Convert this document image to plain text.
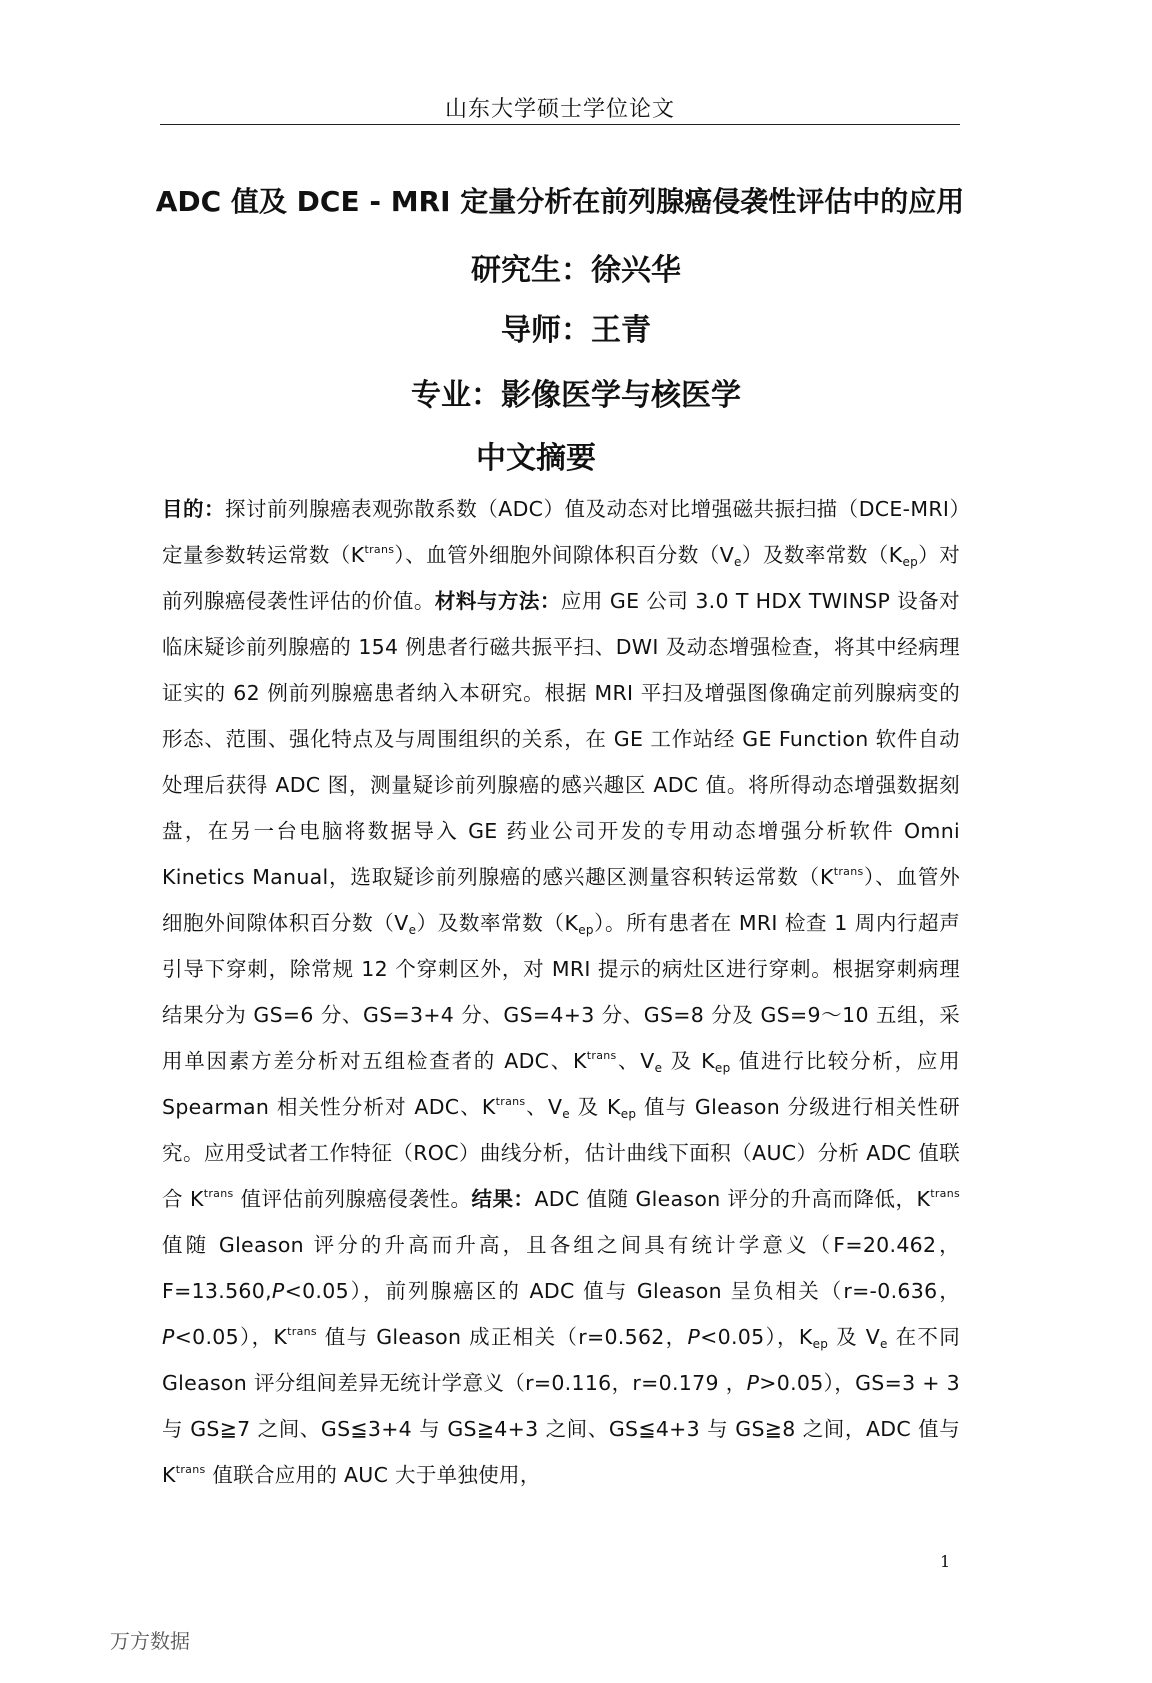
山东大学硕士学位论文
ADC 值及 DCE - MRI 定量分析在前列腺癌侵袭性评估中的应用
研究生：徐兴华
导师：王青
专业：影像医学与核医学
中文摘要

目的：探讨前列腺癌表观弥散系数（ADC）值及动态对比增强磁共振扫描（DCE-MRI）定量参数转运常数$(K^{trans})$、血管外细胞外间隙体积百分数$(V_e)$及数率常数$(K_{ep})$对前列腺癌侵袭性评估的价值。材料与方法：应用 GE 公司 3.0 T HDX TWINSP 设备对临床疑诊前列腺癌的 154 例患者行磁共振平扫、DWI 及动态增强检查，将其中经病理证实的 62 例前列腺癌患者纳入本研究。根据 MRI 平扫及增强图像确定前列腺病变的形态、范围、强化特点及与周围组织的关系，在 GE 工作站经 GE Function 软件自动处理后获得 ADC 图，测量疑诊前列腺癌的感兴趣区 ADC 值。将所得动态增强数据刻盘，在另一台电脑将数据导入 GE 药业公司开发的专用动态增强分析软件 Omni Kinetics Manual，选取疑诊前列腺癌的感兴趣区测量容积转运常数$(K^{trans})$、血管外细胞外间隙体积百分数$(V_e)$及数率常数$(K_{ep})$。所有患者在 MRI 检查 1 周内行超声引导下穿刺，除常规 12 个穿刺区外，对 MRI 提示的病灶区进行穿刺。根据穿刺病理结果分为 GS=6 分、GS=3+4 分、GS=4+3 分、GS=8 分及 GS=9～10 五组，采用单因素方差分析对五组检查者的 ADC、$K^{trans}$、$V_e$ 及 $K_{ep}$ 值进行比较分析，应用 Spearman 相关性分析对 ADC、$K^{trans}$、$V_e$ 及 $K_{ep}$ 值与 Gleason 分级进行相关性研究。应用受试者工作特征（ROC）曲线分析，估计曲线下面积（AUC）分析 ADC 值联合 $K^{trans}$ 值评估前列腺癌侵袭性。结果：ADC 值随 Gleason 评分的升高而降低，$K^{trans}$ 值随 Gleason 评分的升高而升高，且各组之间具有统计学意义（F=20.462，F=13.560,P<0.05），前列腺癌区的 ADC 值与 Gleason 呈负相关（r=-0.636，P<0.05），$K^{trans}$ 值与 Gleason 成正相关（r=0.562，P<0.05），$K_{ep}$ 及 $V_e$ 在不同 Gleason 评分组间差异无统计学意义（r=0.116，r=0.179 ，P>0.05），GS=3 + 3 与 GS≧7 之间、GS≦3+4 与 GS≧4+3 之间、GS≦4+3 与 GS≧8 之间，ADC 值与 $K^{trans}$ 值联合应用的 AUC 大于单独使用，

1
万方数据
